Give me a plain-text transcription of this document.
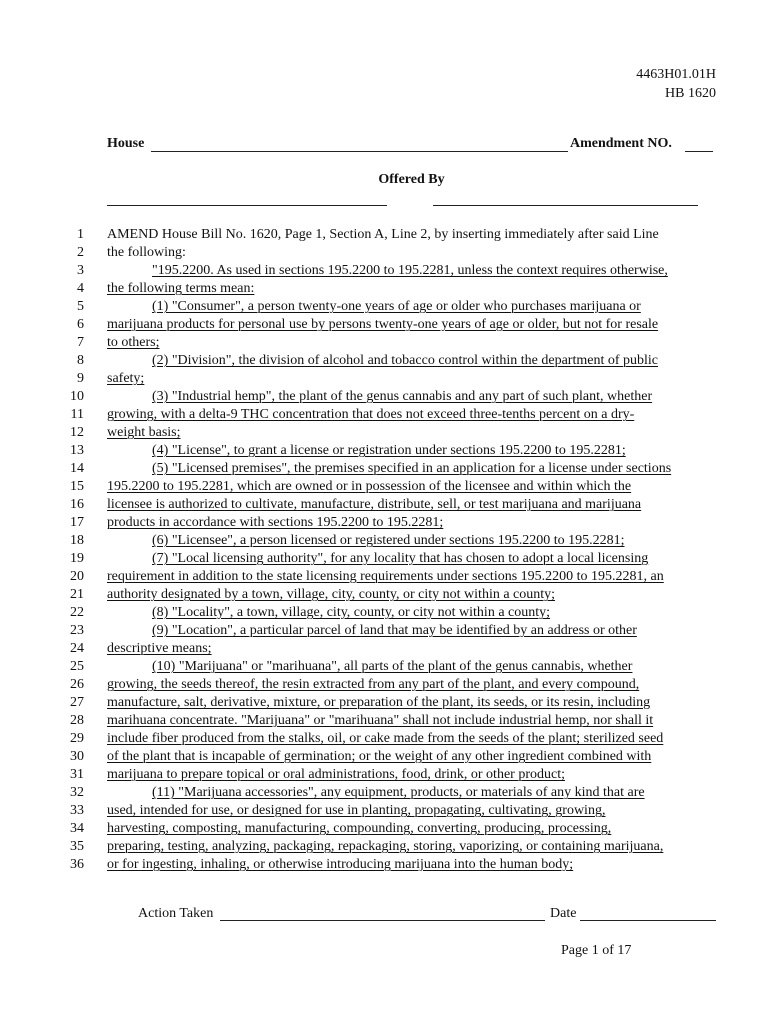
4463H01.01H
HB 1620
House	Amendment NO.
Offered By
1 AMEND House Bill No. 1620, Page 1, Section A, Line 2, by inserting immediately after said Line
2 the following:
3	"195.2200. As used in sections 195.2200 to 195.2281, unless the context requires otherwise,
4 the following terms mean:
5	(1) "Consumer", a person twenty-one years of age or older who purchases marijuana or
6 marijuana products for personal use by persons twenty-one years of age or older, but not for resale
7 to others;
8	(2) "Division", the division of alcohol and tobacco control within the department of public
9 safety;
10	(3) "Industrial hemp", the plant of the genus cannabis and any part of such plant, whether
11 growing, with a delta-9 THC concentration that does not exceed three-tenths percent on a dry-
12 weight basis;
13	(4) "License", to grant a license or registration under sections 195.2200 to 195.2281;
14	(5) "Licensed premises", the premises specified in an application for a license under sections
15 195.2200 to 195.2281, which are owned or in possession of the licensee and within which the
16 licensee is authorized to cultivate, manufacture, distribute, sell, or test marijuana and marijuana
17 products in accordance with sections 195.2200 to 195.2281;
18	(6) "Licensee", a person licensed or registered under sections 195.2200 to 195.2281;
19	(7) "Local licensing authority", for any locality that has chosen to adopt a local licensing
20 requirement in addition to the state licensing requirements under sections 195.2200 to 195.2281, an
21 authority designated by a town, village, city, county, or city not within a county;
22	(8) "Locality", a town, village, city, county, or city not within a county;
23	(9) "Location", a particular parcel of land that may be identified by an address or other
24 descriptive means;
25	(10) "Marijuana" or "marihuana", all parts of the plant of the genus cannabis, whether
26 growing, the seeds thereof, the resin extracted from any part of the plant, and every compound,
27 manufacture, salt, derivative, mixture, or preparation of the plant, its seeds, or its resin, including
28 marihuana concentrate. "Marijuana" or "marihuana" shall not include industrial hemp, nor shall it
29 include fiber produced from the stalks, oil, or cake made from the seeds of the plant; sterilized seed
30 of the plant that is incapable of germination; or the weight of any other ingredient combined with
31 marijuana to prepare topical or oral administrations, food, drink, or other product;
32	(11) "Marijuana accessories", any equipment, products, or materials of any kind that are
33 used, intended for use, or designed for use in planting, propagating, cultivating, growing,
34 harvesting, composting, manufacturing, compounding, converting, producing, processing,
35 preparing, testing, analyzing, packaging, repackaging, storing, vaporizing, or containing marijuana,
36 or for ingesting, inhaling, or otherwise introducing marijuana into the human body;
Action Taken	Date
Page 1 of 17
